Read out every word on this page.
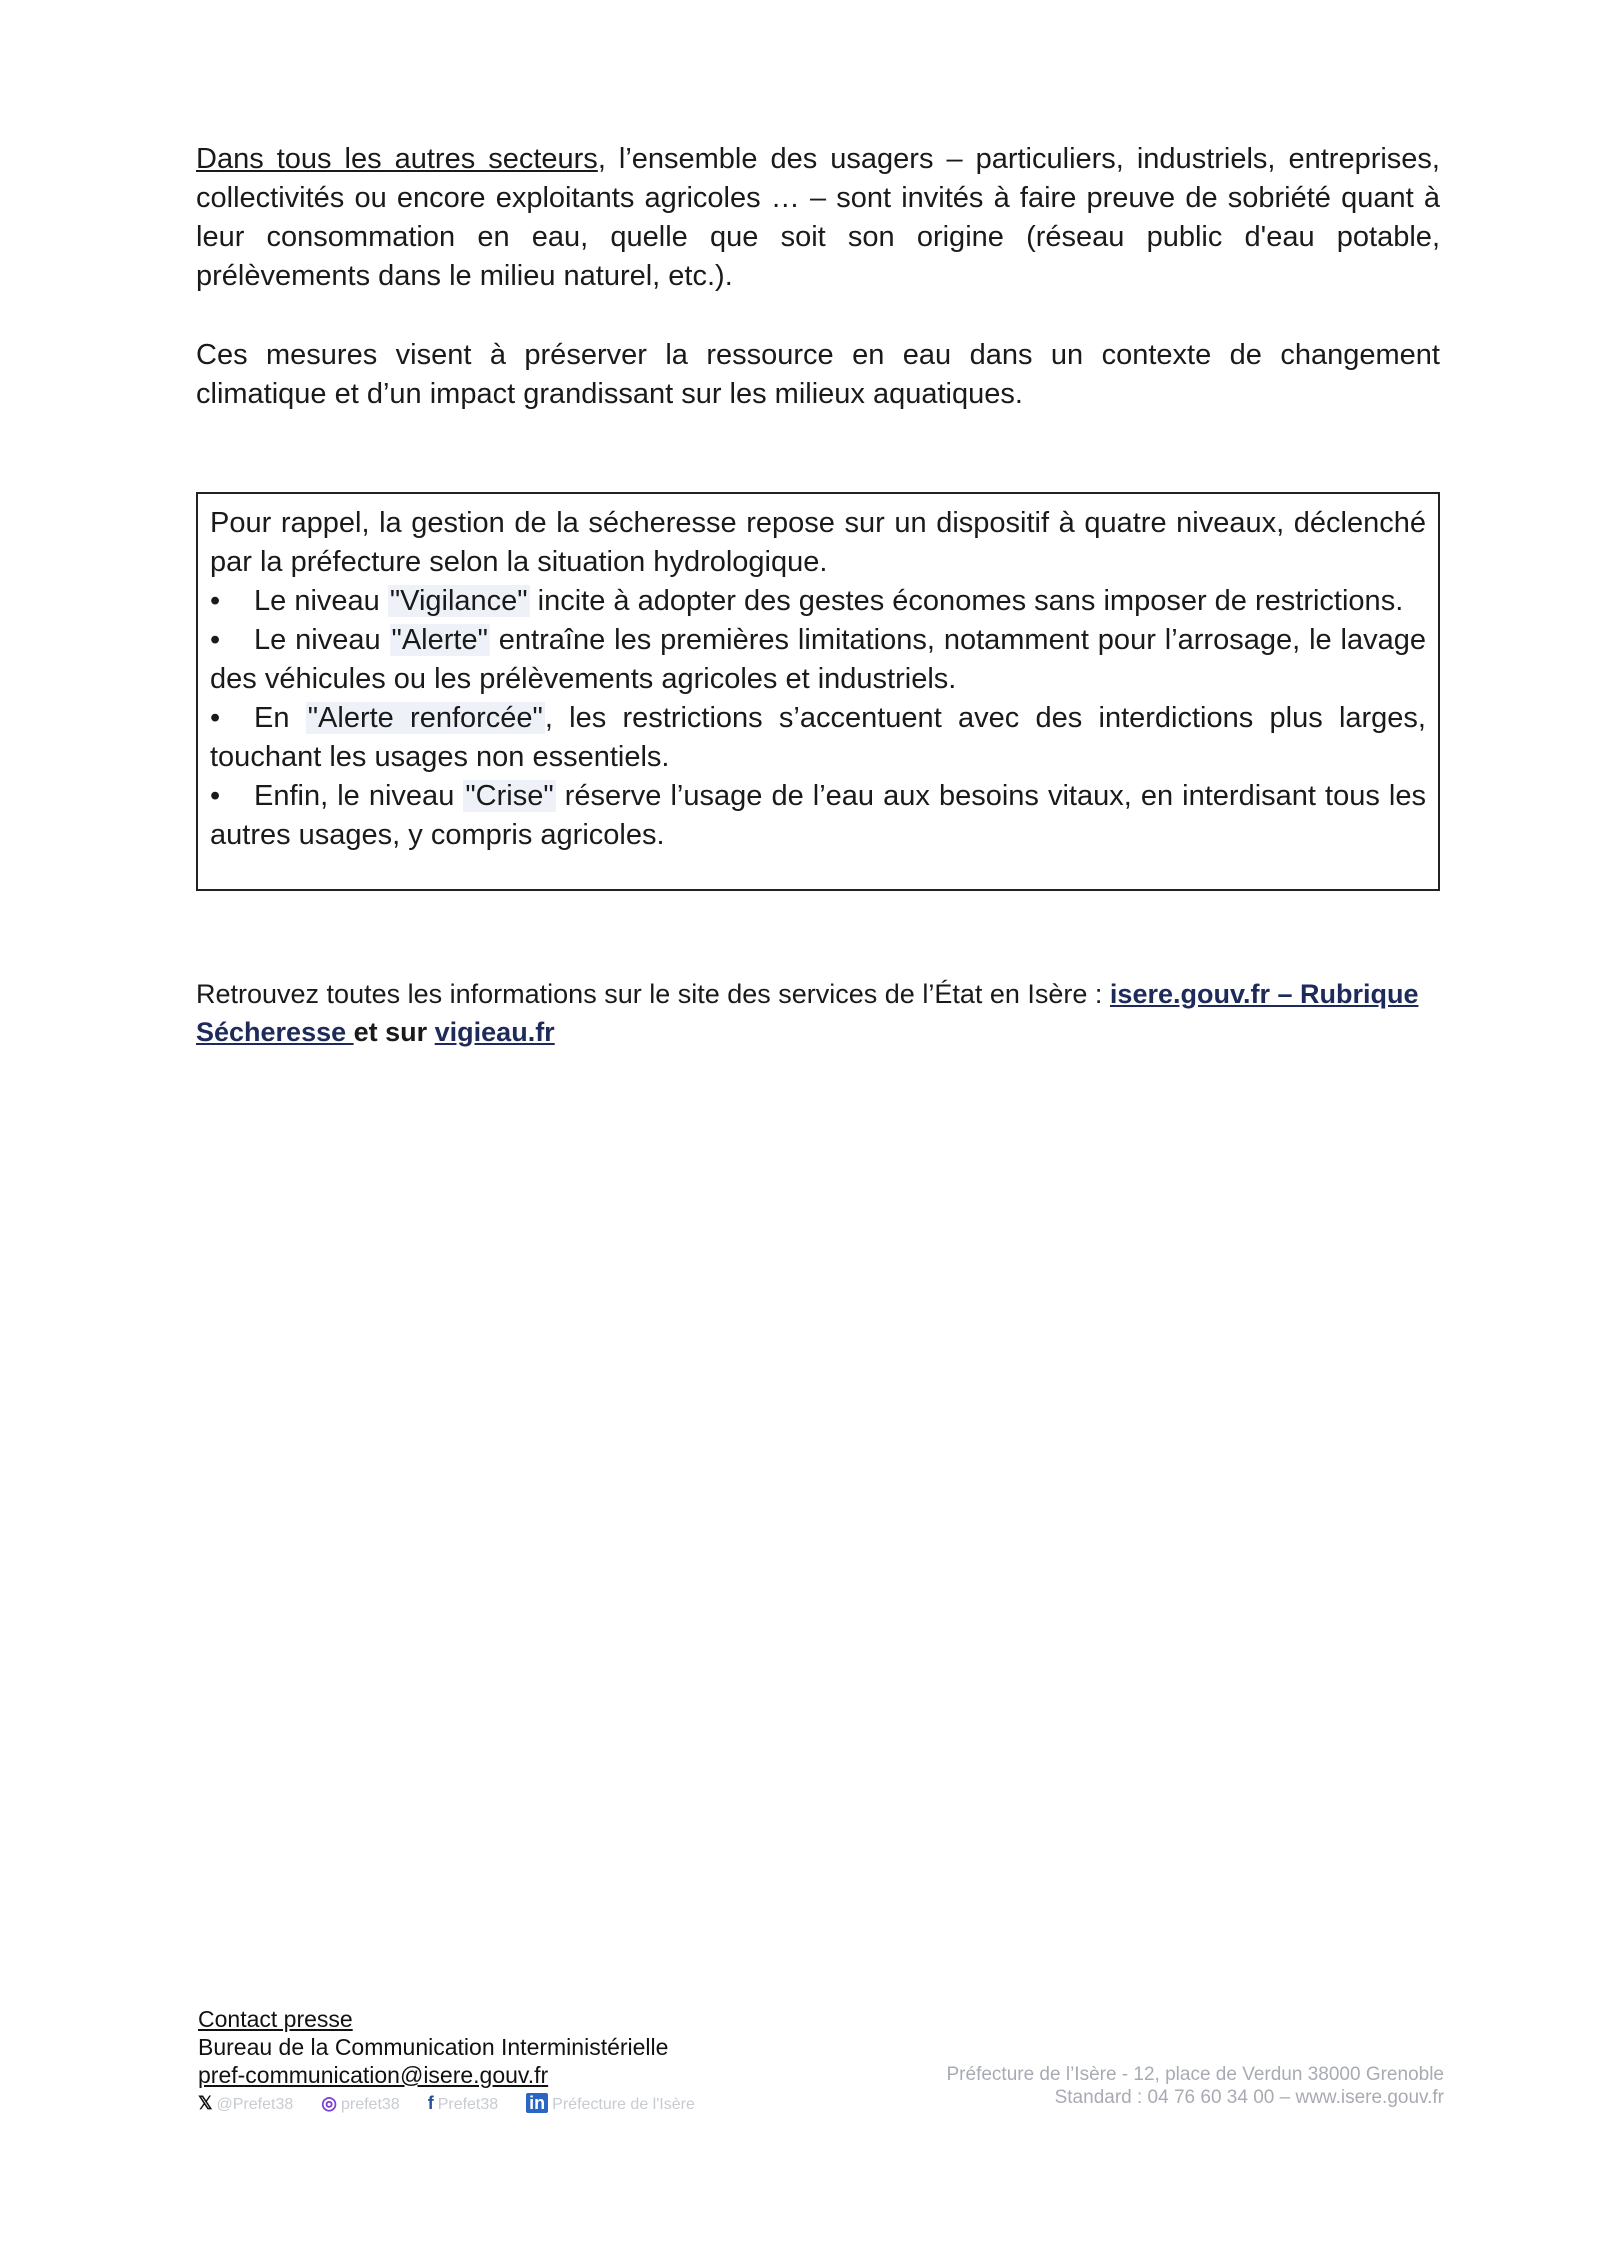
Dans tous les autres secteurs, l’ensemble des usagers – particuliers, industriels, entreprises, collectivités ou encore exploitants agricoles … – sont invités à faire preuve de sobriété quant à leur consommation en eau, quelle que soit son origine (réseau public d'eau potable, prélèvements dans le milieu naturel, etc.).

Ces mesures visent à préserver la ressource en eau dans un contexte de changement climatique et d’un impact grandissant sur les milieux aquatiques.

Pour rappel, la gestion de la sécheresse repose sur un dispositif à quatre niveaux, déclenché par la préfecture selon la situation hydrologique.

• Le niveau "Vigilance" incite à adopter des gestes économes sans imposer de restrictions.

• Le niveau "Alerte" entraîne les premières limitations, notamment pour l’arrosage, le lavage des véhicules ou les prélèvements agricoles et industriels.

• En "Alerte renforcée", les restrictions s’accentuent avec des interdictions plus larges, touchant les usages non essentiels.

• Enfin, le niveau "Crise" réserve l’usage de l’eau aux besoins vitaux, en interdisant tous les autres usages, y compris agricoles.

Retrouvez toutes les informations sur le site des services de l’État en Isère : isere.gouv.fr – Rubrique Sécheresse et sur vigieau.fr
Contact presse
Bureau de la Communication Interministérielle
pref-communication@isere.gouv.fr
𝕏 @Prefet38 ◎ prefet38 f Prefet38 in Préfecture de l'Isère
Préfecture de l’Isère - 12, place de Verdun 38000 Grenoble
Standard : 04 76 60 34 00 – www.isere.gouv.fr
